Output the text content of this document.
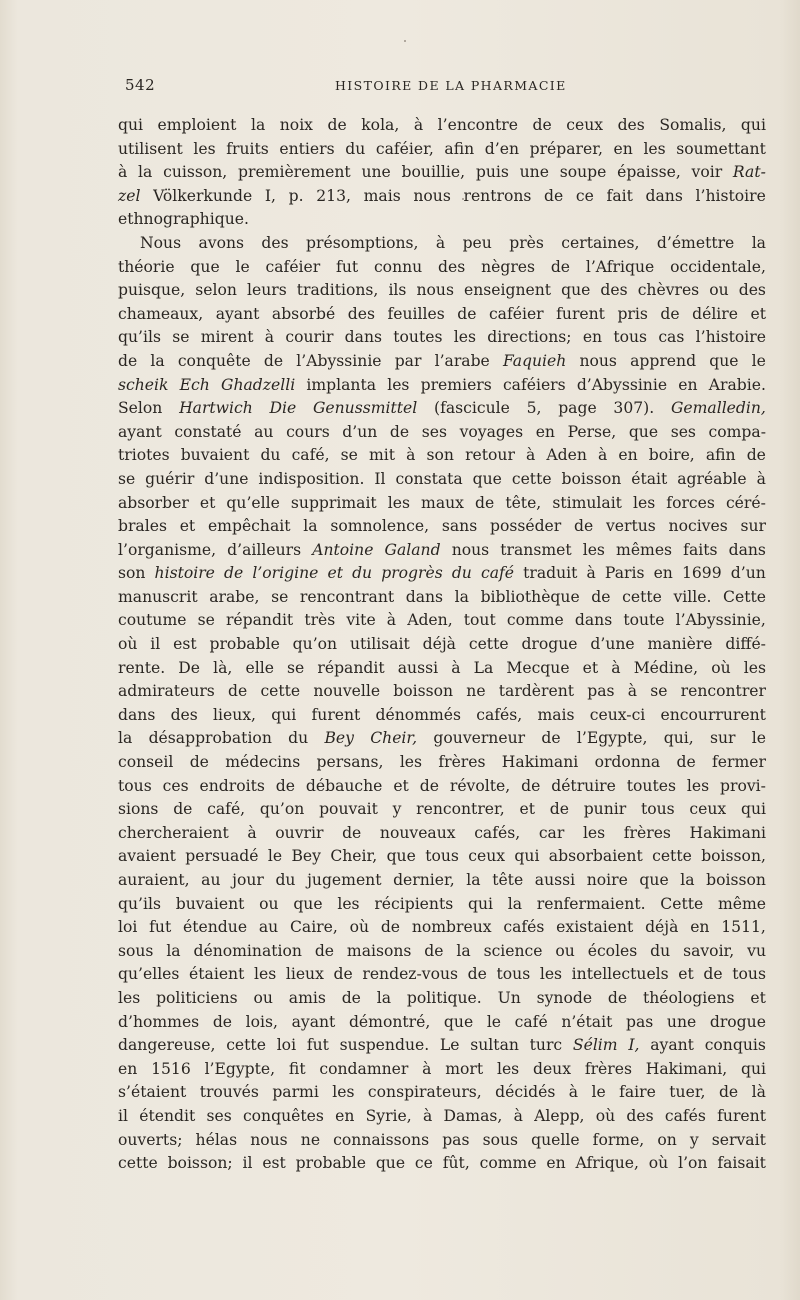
542	HISTOIRE DE LA PHARMACIE
qui emploient la noix de kola, à l’encontre de ceux des Somalis, qui
utilisent les fruits entiers du caféier, afin d’en préparer, en les soumettant
à la cuisson, premièrement une bouillie, puis une soupe épaisse, voir Rat-
zel Völkerkunde I, p. 213, mais nous rentrons de ce fait dans l’histoire
ethnographique.
Nous avons des présomptions, à peu près certaines, d’émettre la
théorie que le caféier fut connu des nègres de l’Afrique occidentale,
puisque, selon leurs traditions, ils nous enseignent que des chèvres ou des
chameaux, ayant absorbé des feuilles de caféier furent pris de délire et
qu’ils se mirent à courir dans toutes les directions; en tous cas l’histoire
de la conquête de l’Abyssinie par l’arabe Faquieh nous apprend que le
scheik Ech Ghadzelli implanta les premiers caféiers d’Abyssinie en Arabie.
Selon Hartwich Die Genussmittel (fascicule 5, page 307). Gemalledin,
ayant constaté au cours d’un de ses voyages en Perse, que ses compa-
triotes buvaient du café, se mit à son retour à Aden à en boire, afin de
se guérir d’une indisposition. Il constata que cette boisson était agréable à
absorber et qu’elle supprimait les maux de tête, stimulait les forces céré-
brales et empêchait la somnolence, sans posséder de vertus nocives sur
l’organisme, d’ailleurs Antoine Galand nous transmet les mêmes faits dans
son histoire de l’origine et du progrès du café traduit à Paris en 1699 d’un
manuscrit arabe, se rencontrant dans la bibliothèque de cette ville. Cette
coutume se répandit très vite à Aden, tout comme dans toute l’Abyssinie,
où il est probable qu’on utilisait déjà cette drogue d’une manière diffé-
rente. De là, elle se répandit aussi à La Mecque et à Médine, où les
admirateurs de cette nouvelle boisson ne tardèrent pas à se rencontrer
dans des lieux, qui furent dénommés cafés, mais ceux-ci encourrurent
la désapprobation du Bey Cheir, gouverneur de l’Egypte, qui, sur le
conseil de médecins persans, les frères Hakimani ordonna de fermer
tous ces endroits de débauche et de révolte, de détruire toutes les provi-
sions de café, qu’on pouvait y rencontrer, et de punir tous ceux qui
chercheraient à ouvrir de nouveaux cafés, car les frères Hakimani
avaient persuadé le Bey Cheir, que tous ceux qui absorbaient cette boisson,
auraient, au jour du jugement dernier, la tête aussi noire que la boisson
qu’ils buvaient ou que les récipients qui la renfermaient. Cette même
loi fut étendue au Caire, où de nombreux cafés existaient déjà en 1511,
sous la dénomination de maisons de la science ou écoles du savoir, vu
qu’elles étaient les lieux de rendez-vous de tous les intellectuels et de tous
les politiciens ou amis de la politique. Un synode de théologiens et
d’hommes de lois, ayant démontré, que le café n’était pas une drogue
dangereuse, cette loi fut suspendue. Le sultan turc Sélim I, ayant conquis
en 1516 l’Egypte, fit condamner à mort les deux frères Hakimani, qui
s’étaient trouvés parmi les conspirateurs, décidés à le faire tuer, de là
il étendit ses conquêtes en Syrie, à Damas, à Alepp, où des cafés furent
ouverts; hélas nous ne connaissons pas sous quelle forme, on y servait
cette boisson; il est probable que ce fût, comme en Afrique, où l’on faisait
